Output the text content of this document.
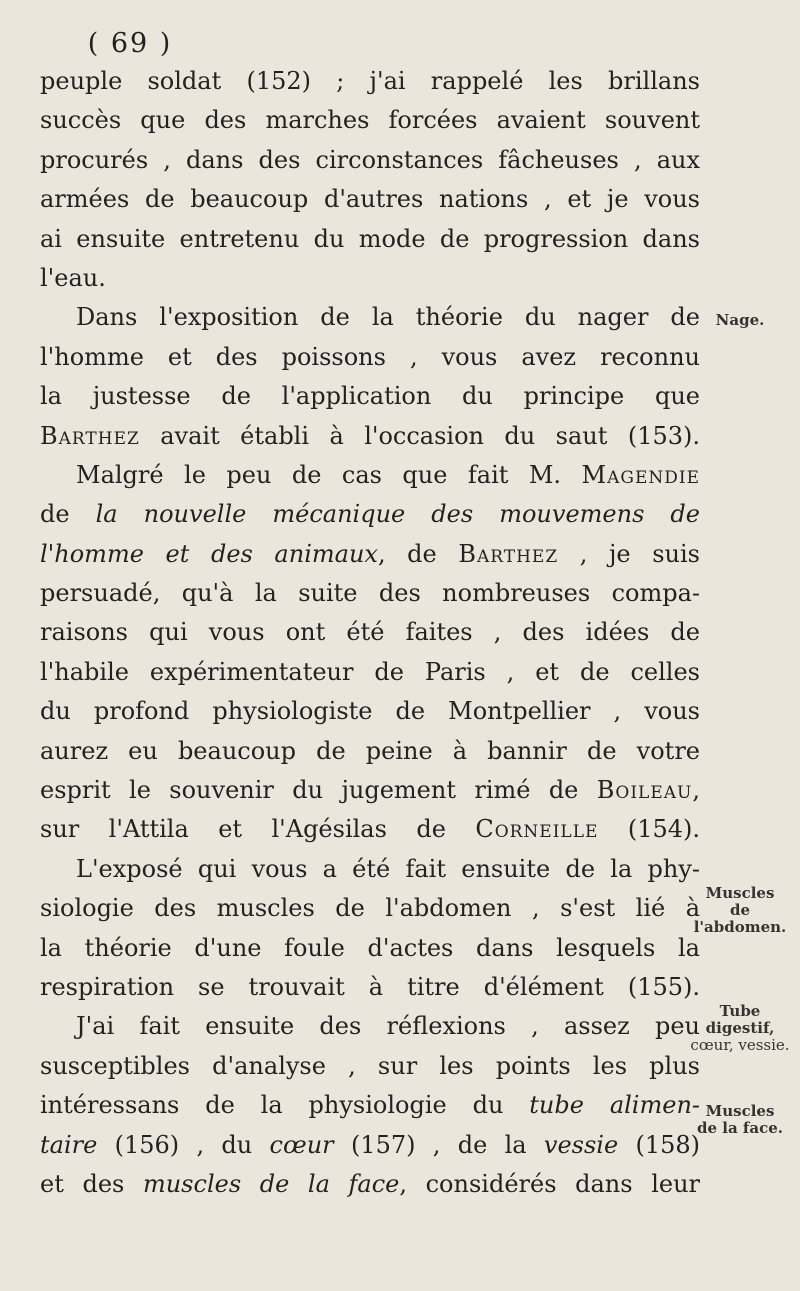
( 69 )
peuple soldat (152) ; j'ai rappelé les brillans
succès que des marches forcées avaient souvent
procurés , dans des circonstances fâcheuses , aux
armées de beaucoup d'autres nations , et je vous
ai ensuite entretenu du mode de progression dans
l'eau.
Dans l'exposition de la théorie du nager de
l'homme et des poissons , vous avez reconnu
la justesse de l'application du principe que
Barthez avait établi à l'occasion du saut (153).
Malgré le peu de cas que fait M. Magendie
de la nouvelle mécanique des mouvemens de
l'homme et des animaux, de Barthez , je suis
persuadé, qu'à la suite des nombreuses compa-
raisons qui vous ont été faites , des idées de
l'habile expérimentateur de Paris , et de celles
du profond physiologiste de Montpellier , vous
aurez eu beaucoup de peine à bannir de votre
esprit le souvenir du jugement rimé de Boileau,
sur l'Attila et l'Agésilas de Corneille (154).
L'exposé qui vous a été fait ensuite de la phy-
siologie des muscles de l'abdomen , s'est lié à
la théorie d'une foule d'actes dans lesquels la
respiration se trouvait à titre d'élément (155).
J'ai fait ensuite des réflexions , assez peu
susceptibles d'analyse , sur les points les plus
intéressans de la physiologie du tube alimen-
taire (156) , du cœur (157) , de la vessie (158)
et des muscles de la face, considérés dans leur
Nage.
Muscles
de
l'abdomen.
Tube digestif,
cœur, vessie.
Muscles
de la face.
